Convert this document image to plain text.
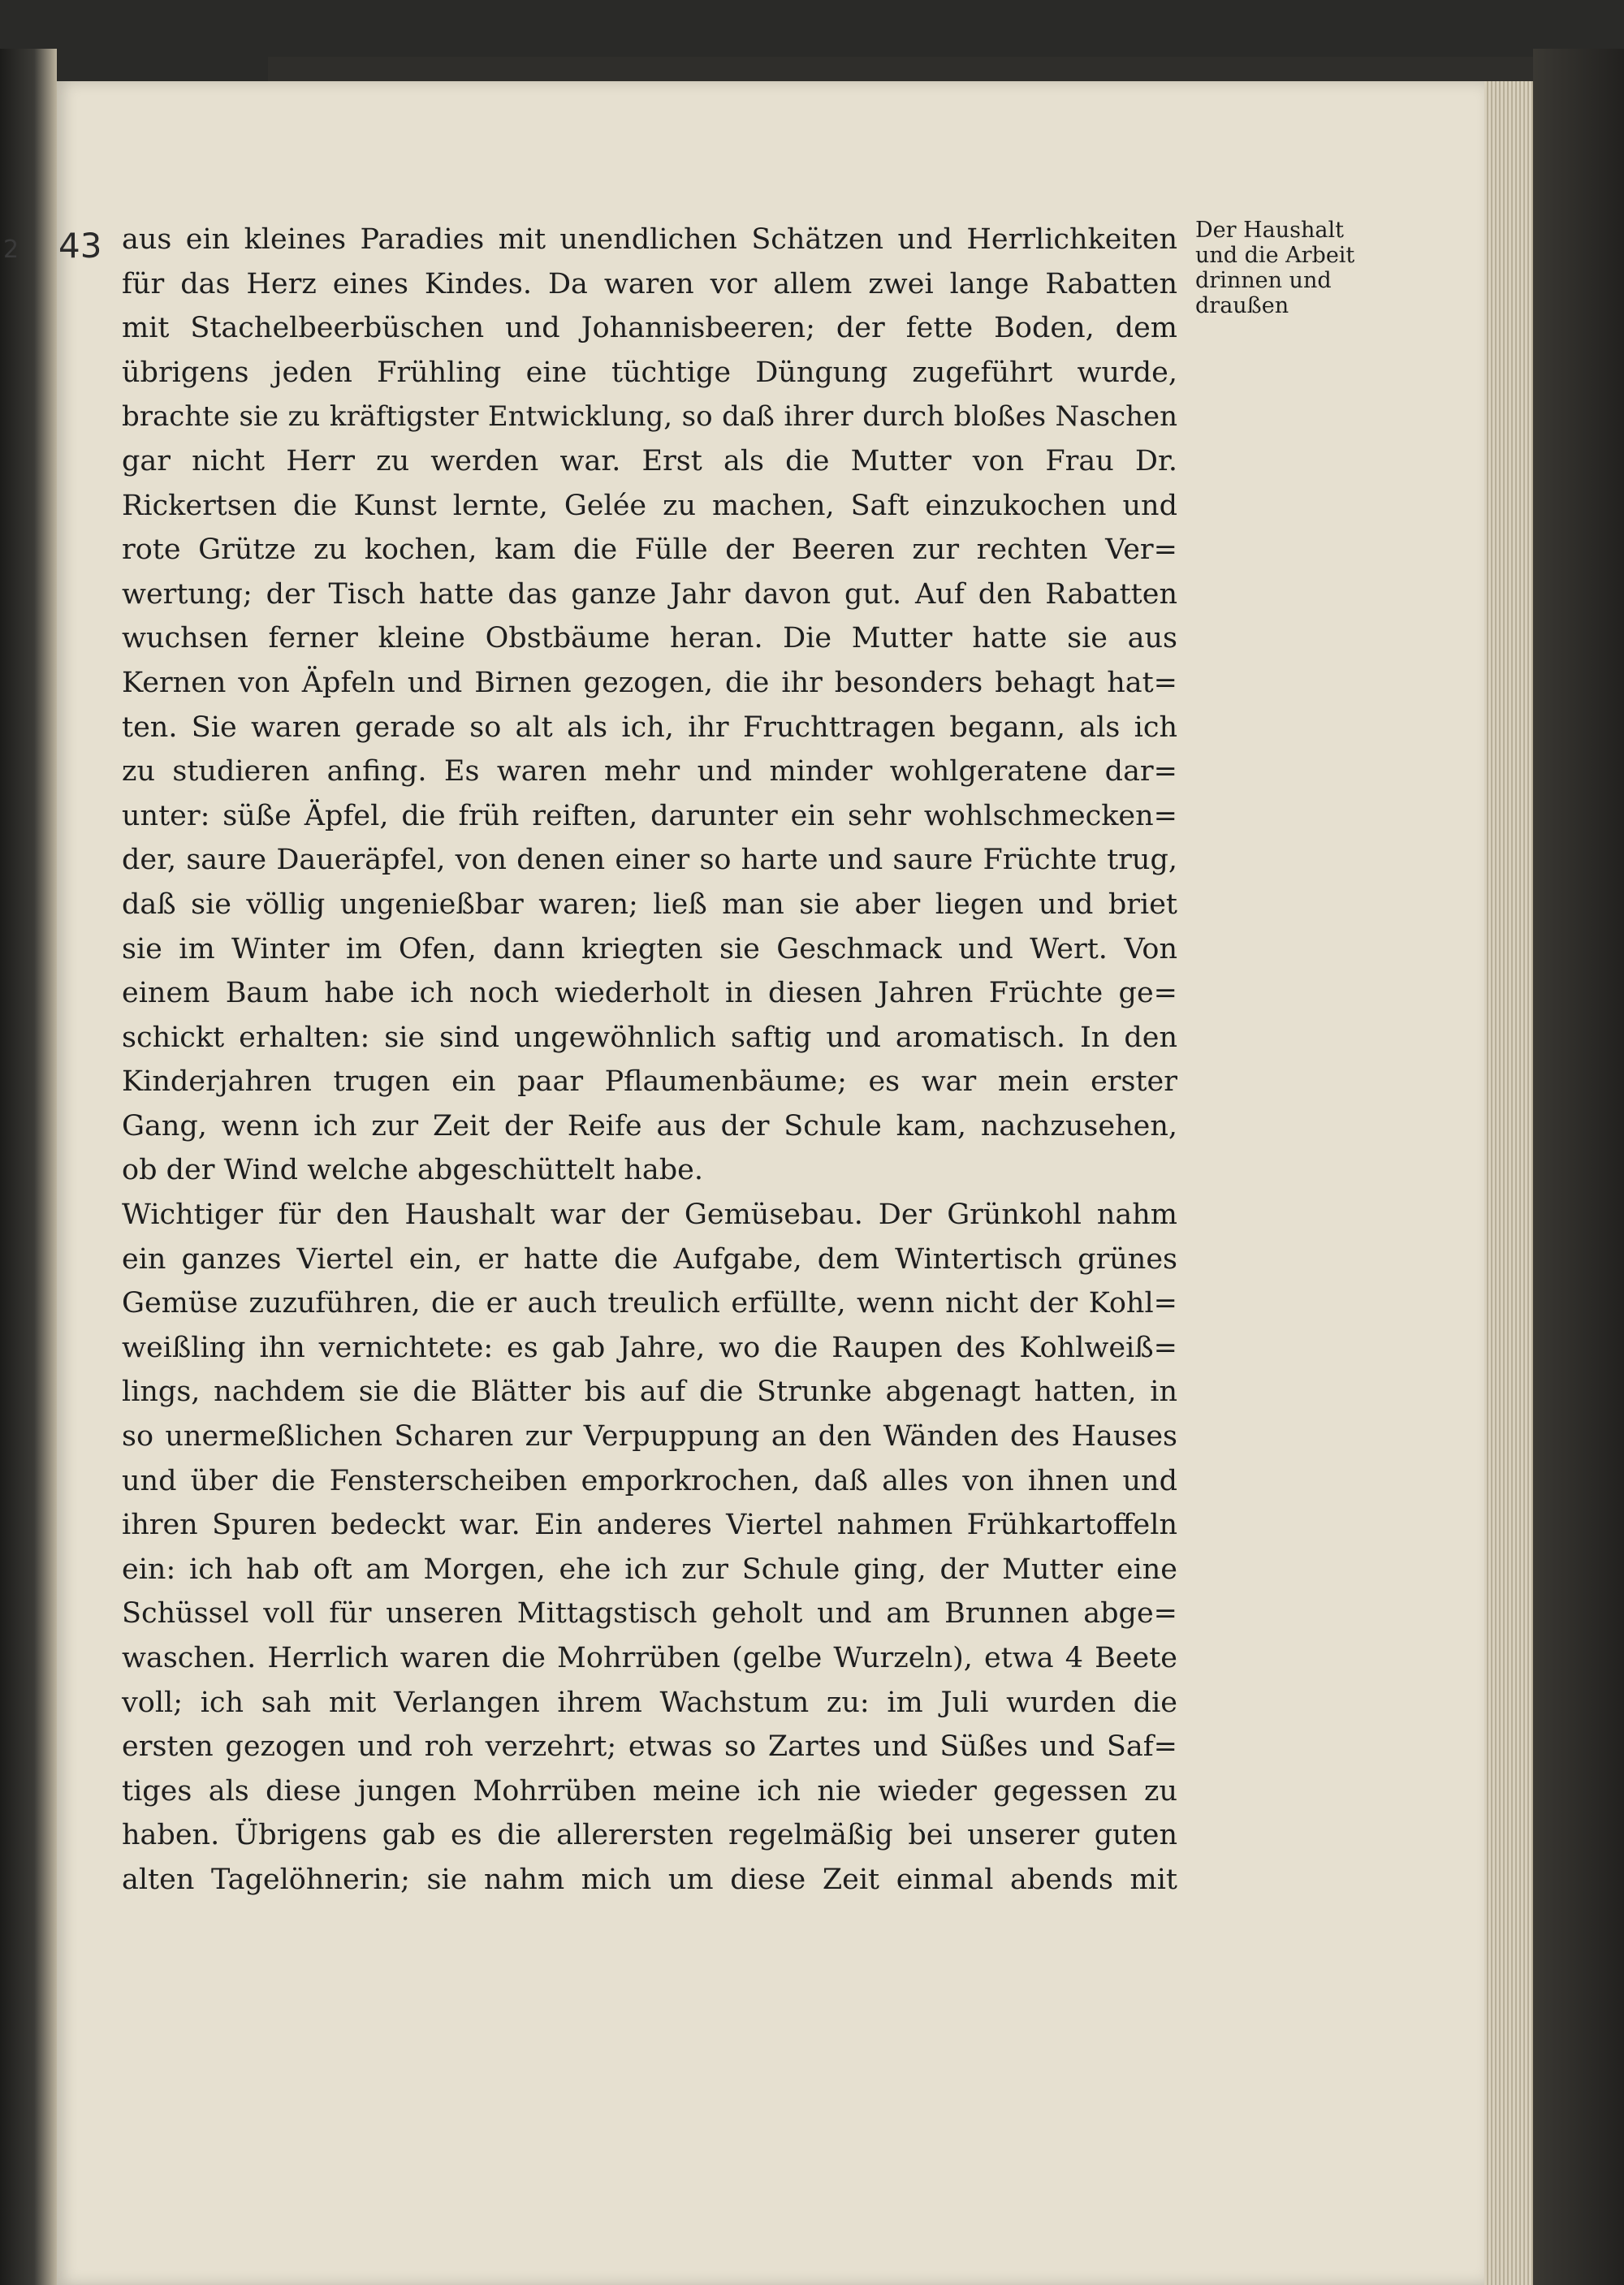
2 43 aus ein kleines Paradies mit unendlichen Schätzen und Herrlichkeiten
für das Herz eines Kindes. Da waren vor allem zwei lange Rabatten
mit Stachelbeerbüschen und Johannisbeeren; der fette Boden, dem
übrigens jeden Frühling eine tüchtige Düngung zugeführt wurde,
brachte sie zu kräftigster Entwicklung, so daß ihrer durch bloßes Naschen
gar nicht Herr zu werden war. Erst als die Mutter von Frau Dr.
Rickertsen die Kunst lernte, Gelée zu machen, Saft einzukochen und
rote Grütze zu kochen, kam die Fülle der Beeren zur rechten Ver=
wertung; der Tisch hatte das ganze Jahr davon gut. Auf den Rabatten
wuchsen ferner kleine Obstbäume heran. Die Mutter hatte sie aus
Kernen von Äpfeln und Birnen gezogen, die ihr besonders behagt hat=
ten. Sie waren gerade so alt als ich, ihr Fruchttragen begann, als ich
zu studieren anfing. Es waren mehr und minder wohlgeratene dar=
unter: süße Äpfel, die früh reiften, darunter ein sehr wohlschmecken=
der, saure Daueräpfel, von denen einer so harte und saure Früchte trug,
daß sie völlig ungenießbar waren; ließ man sie aber liegen und briet
sie im Winter im Ofen, dann kriegten sie Geschmack und Wert. Von
einem Baum habe ich noch wiederholt in diesen Jahren Früchte ge=
schickt erhalten: sie sind ungewöhnlich saftig und aromatisch. In den
Kinderjahren trugen ein paar Pflaumenbäume; es war mein erster
Gang, wenn ich zur Zeit der Reife aus der Schule kam, nachzusehen,
ob der Wind welche abgeschüttelt habe.
Wichtiger für den Haushalt war der Gemüsebau. Der Grünkohl nahm
ein ganzes Viertel ein, er hatte die Aufgabe, dem Wintertisch grünes
Gemüse zuzuführen, die er auch treulich erfüllte, wenn nicht der Kohl=
weißling ihn vernichtete: es gab Jahre, wo die Raupen des Kohlweiß=
lings, nachdem sie die Blätter bis auf die Strunke abgenagt hatten, in
so unermeßlichen Scharen zur Verpuppung an den Wänden des Hauses
und über die Fensterscheiben emporkrochen, daß alles von ihnen und
ihren Spuren bedeckt war. Ein anderes Viertel nahmen Frühkartoffeln
ein: ich hab oft am Morgen, ehe ich zur Schule ging, der Mutter eine
Schüssel voll für unseren Mittagstisch geholt und am Brunnen abge=
waschen. Herrlich waren die Mohrrüben (gelbe Wurzeln), etwa 4 Beete
voll; ich sah mit Verlangen ihrem Wachstum zu: im Juli wurden die
ersten gezogen und roh verzehrt; etwas so Zartes und Süßes und Saf=
tiges als diese jungen Mohrrüben meine ich nie wieder gegessen zu
haben. Übrigens gab es die allerersten regelmäßig bei unserer guten
alten Tagelöhnerin; sie nahm mich um diese Zeit einmal abends mit
Der Haushalt
und die Arbeit
drinnen und
draußen
